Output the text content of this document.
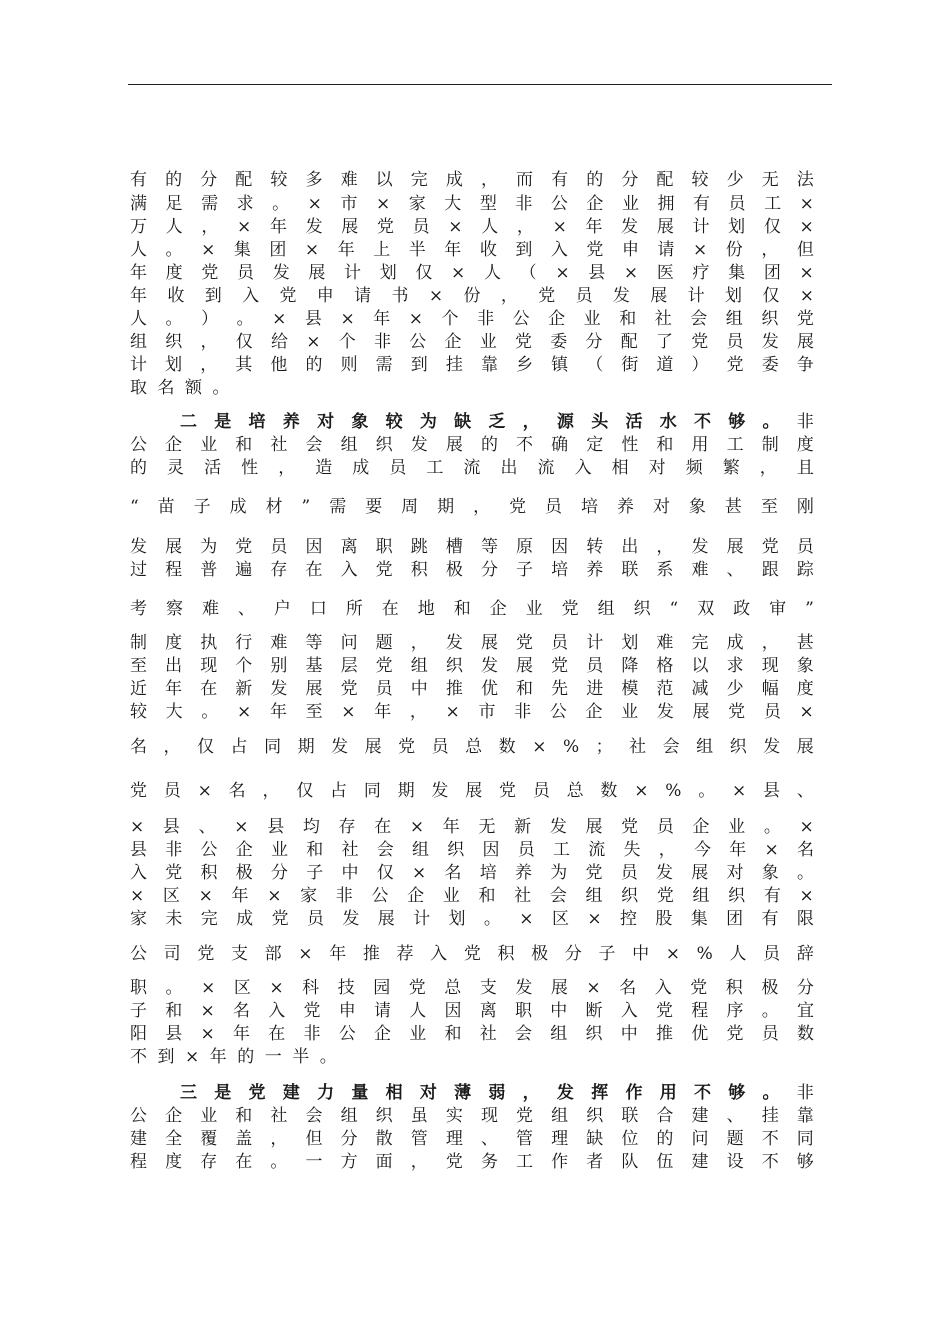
有 的 分 配 较 多 难 以 完 成 ， 而 有 的 分 配 较 少 无 法
满 足 需 求 。 × 市 × 家 大 型 非 公 企 业 拥 有 员 工 ×
万 人 ， × 年 发 展 党 员 × 人 ， × 年 发 展 计 划 仅 ×
人 。 × 集 团 × 年 上 半 年 收 到 入 党 申 请 × 份 ， 但
年 度 党 员 发 展 计 划 仅 × 人 （ × 县 × 医 疗 集 团 ×
年 收 到 入 党 申 请 书 × 份 ， 党 员 发 展 计 划 仅 ×
人 。 ） 。 × 县 × 年 × 个 非 公 企 业 和 社 会 组 织 党
组 织 ， 仅 给 × 个 非 公 企 业 党 委 分 配 了 党 员 发 展
计 划 ， 其 他 的 则 需 到 挂 靠 乡 镇 （ 街 道 ） 党 委 争
取 名 额 。
二 是 培 养 对 象 较 为 缺 乏 ， 源 头 活 水 不 够 。 非
公 企 业 和 社 会 组 织 发 展 的 不 确 定 性 和 用 工 制 度
的 灵 活 性 ， 造 成 员 工 流 出 流 入 相 对 频 繁 ， 且
“ 苗 子 成 材 ” 需 要 周 期 ， 党 员 培 养 对 象 甚 至 刚
发 展 为 党 员 因 离 职 跳 槽 等 原 因 转 出 ， 发 展 党 员
过 程 普 遍 存 在 入 党 积 极 分 子 培 养 联 系 难 、 跟 踪
考 察 难 、 户 口 所 在 地 和 企 业 党 组 织 “ 双 政 审 ”
制 度 执 行 难 等 问 题 ， 发 展 党 员 计 划 难 完 成 ， 甚
至 出 现 个 别 基 层 党 组 织 发 展 党 员 降 格 以 求 现 象
近 年 在 新 发 展 党 员 中 推 优 和 先 进 模 范 减 少 幅 度
较 大 。 × 年 至 × 年 ， × 市 非 公 企 业 发 展 党 员 ×
名 ， 仅 占 同 期 发 展 党 员 总 数 × % ； 社 会 组 织 发 展
党 员 × 名 ， 仅 占 同 期 发 展 党 员 总 数 × % 。 × 县 、
× 县 、 × 县 均 存 在 × 年 无 新 发 展 党 员 企 业 。 ×
县 非 公 企 业 和 社 会 组 织 因 员 工 流 失 ， 今 年 × 名
入 党 积 极 分 子 中 仅 × 名 培 养 为 党 员 发 展 对 象 。
× 区 × 年 × 家 非 公 企 业 和 社 会 组 织 党 组 织 有 ×
家 未 完 成 党 员 发 展 计 划 。 × 区 × 控 股 集 团 有 限
公 司 党 支 部 × 年 推 荐 入 党 积 极 分 子 中 × % 人 员 辞
职 。 × 区 × 科 技 园 党 总 支 发 展 × 名 入 党 积 极 分
子 和 × 名 入 党 申 请 人 因 离 职 中 断 入 党 程 序 。 宜
阳 县 × 年 在 非 公 企 业 和 社 会 组 织 中 推 优 党 员 数
不 到 × 年 的 一 半 。
三 是 党 建 力 量 相 对 薄 弱 ， 发 挥 作 用 不 够 。 非
公 企 业 和 社 会 组 织 虽 实 现 党 组 织 联 合 建 、 挂 靠
建 全 覆 盖 ， 但 分 散 管 理 、 管 理 缺 位 的 问 题 不 同
程 度 存 在 。 一 方 面 ， 党 务 工 作 者 队 伍 建 设 不 够
